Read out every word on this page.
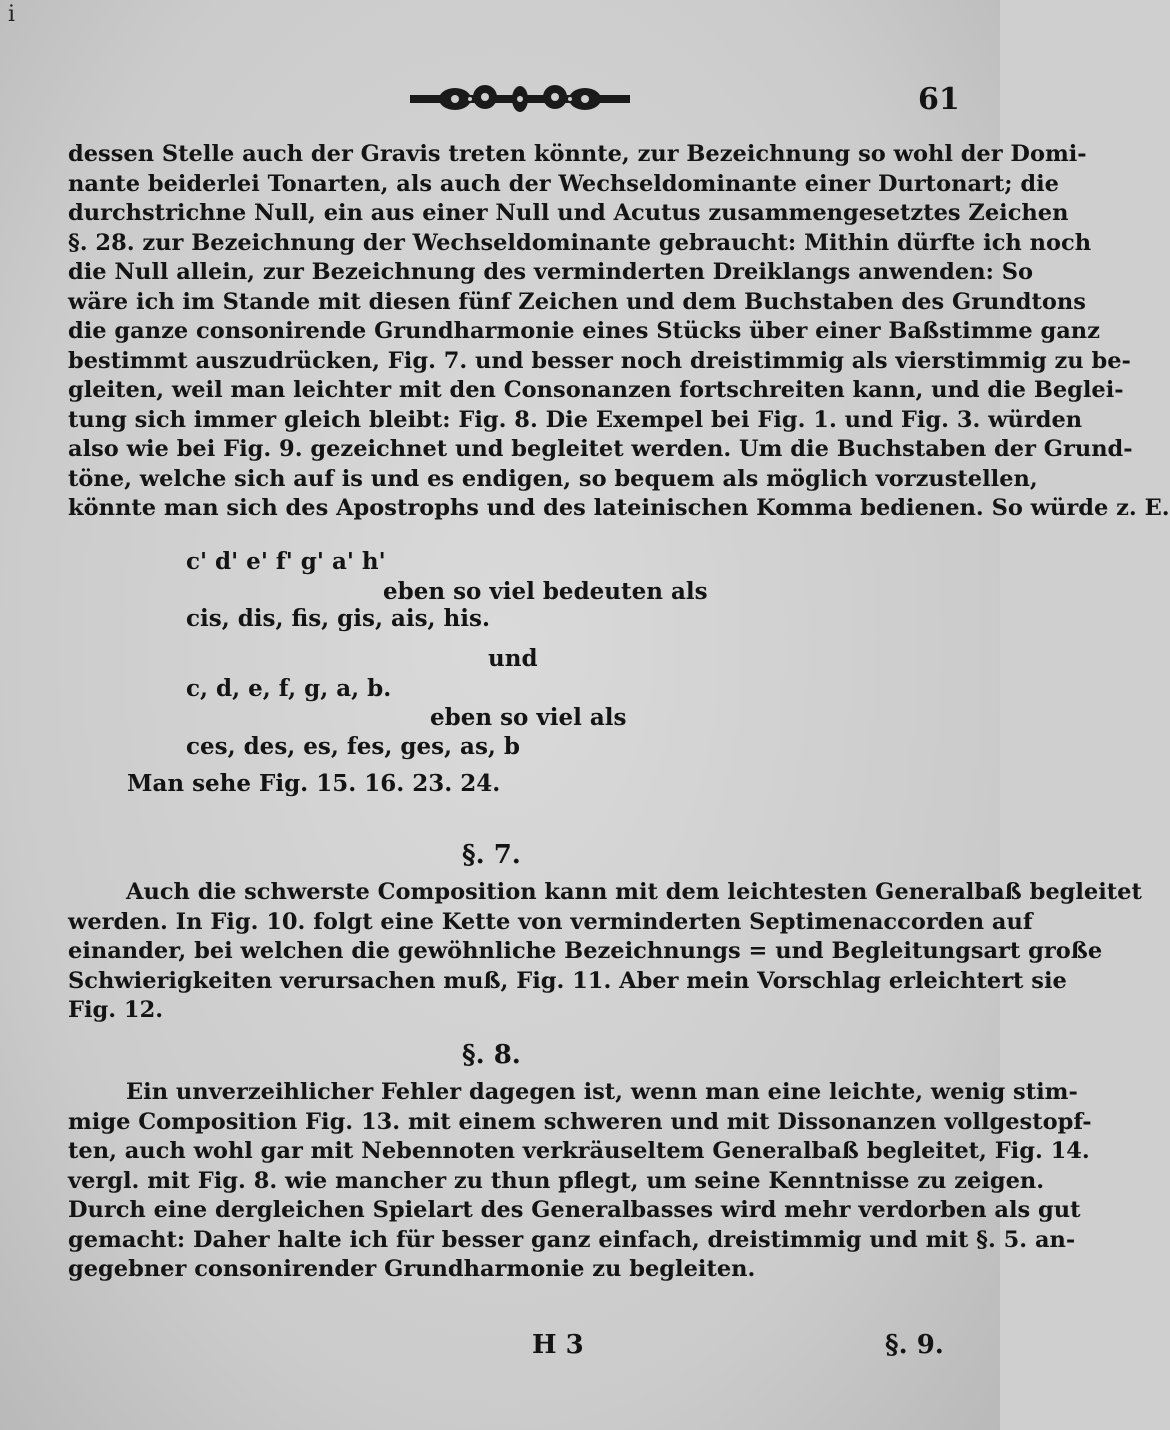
i
61
dessen Stelle auch der Gravis treten könnte, zur Bezeichnung so wohl der Domi-
nante beiderlei Tonarten, als auch der Wechseldominante einer Durtonart; die
durchstrichne Null, ein aus einer Null und Acutus zusammengesetztes Zeichen
§. 28. zur Bezeichnung der Wechseldominante gebraucht: Mithin dürfte ich noch
die Null allein, zur Bezeichnung des verminderten Dreiklangs anwenden: So
wäre ich im Stande mit diesen fünf Zeichen und dem Buchstaben des Grundtons
die ganze consonirende Grundharmonie eines Stücks über einer Baßstimme ganz
bestimmt auszudrücken, Fig. 7. und besser noch dreistimmig als vierstimmig zu be-
gleiten, weil man leichter mit den Consonanzen fortschreiten kann, und die Beglei-
tung sich immer gleich bleibt: Fig. 8. Die Exempel bei Fig. 1. und Fig. 3. würden
also wie bei Fig. 9. gezeichnet und begleitet werden. Um die Buchstaben der Grund-
töne, welche sich auf is und es endigen, so bequem als möglich vorzustellen,
könnte man sich des Apostrophs und des lateinischen Komma bedienen. So würde z. E.
c' d' e' f' g' a' h'
eben so viel bedeuten als
cis, dis, fis, gis, ais, his.
und
c, d, e, f, g, a, b.
eben so viel als
ces, des, es, fes, ges, as, b
Man sehe Fig. 15. 16. 23. 24.
§. 7.
Auch die schwerste Composition kann mit dem leichtesten Generalbaß begleitet
werden. In Fig. 10. folgt eine Kette von verminderten Septimenaccorden auf
einander, bei welchen die gewöhnliche Bezeichnungs = und Begleitungsart große
Schwierigkeiten verursachen muß, Fig. 11. Aber mein Vorschlag erleichtert sie
Fig. 12.
§. 8.
Ein unverzeihlicher Fehler dagegen ist, wenn man eine leichte, wenig stim-
mige Composition Fig. 13. mit einem schweren und mit Dissonanzen vollgestopf-
ten, auch wohl gar mit Nebennoten verkräuseltem Generalbaß begleitet, Fig. 14.
vergl. mit Fig. 8. wie mancher zu thun pflegt, um seine Kenntnisse zu zeigen.
Durch eine dergleichen Spielart des Generalbasses wird mehr verdorben als gut
gemacht: Daher halte ich für besser ganz einfach, dreistimmig und mit §. 5. an-
gegebner consonirender Grundharmonie zu begleiten.
H 3	§. 9.
